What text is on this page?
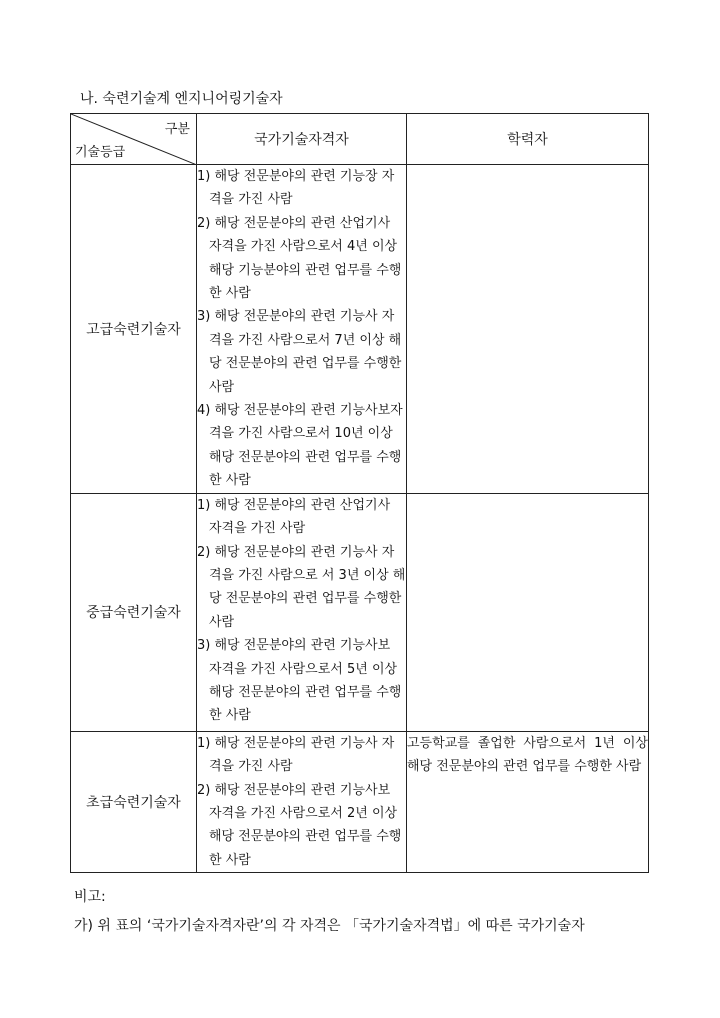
나. 숙련기술계 엔지니어링기술자
구분
기술등급	국가기술자격자	학력자
고급숙련기술자	1) 해당 전문분야의 관련 기능장 자격을 가진 사람
2) 해당 전문분야의 관련 산업기사 자격을 가진 사람으로서 4년 이상 해당 기능분야의 관련 업무를 수행한 사람
3) 해당 전문분야의 관련 기능사 자격을 가진 사람으로서 7년 이상 해당 전문분야의 관련 업무를 수행한 사람
4) 해당 전문분야의 관련 기능사보자격을 가진 사람으로서 10년 이상 해당 전문분야의 관련 업무를 수행한 사람	

중급숙련기술자	1) 해당 전문분야의 관련 산업기사 자격을 가진 사람
2) 해당 전문분야의 관련 기능사 자격을 가진 사람으로 서 3년 이상 해당 전문분야의 관련 업무를 수행한 사람
3) 해당 전문분야의 관련 기능사보 자격을 가진 사람으로서 5년 이상 해당 전문분야의 관련 업무를 수행한 사람	

초급숙련기술자	1) 해당 전문분야의 관련 기능사 자격을 가진 사람
2) 해당 전문분야의 관련 기능사보 자격을 가진 사람으로서 2년 이상 해당 전문분야의 관련 업무를 수행한 사람	고등학교를 졸업한 사람으로서 1년 이상 해당 전문분야의 관련 업무를 수행한 사람
비고:
가) 위 표의 ‘국가기술자격자란’의 각 자격은 「국가기술자격법」에 따른 국가기술자
